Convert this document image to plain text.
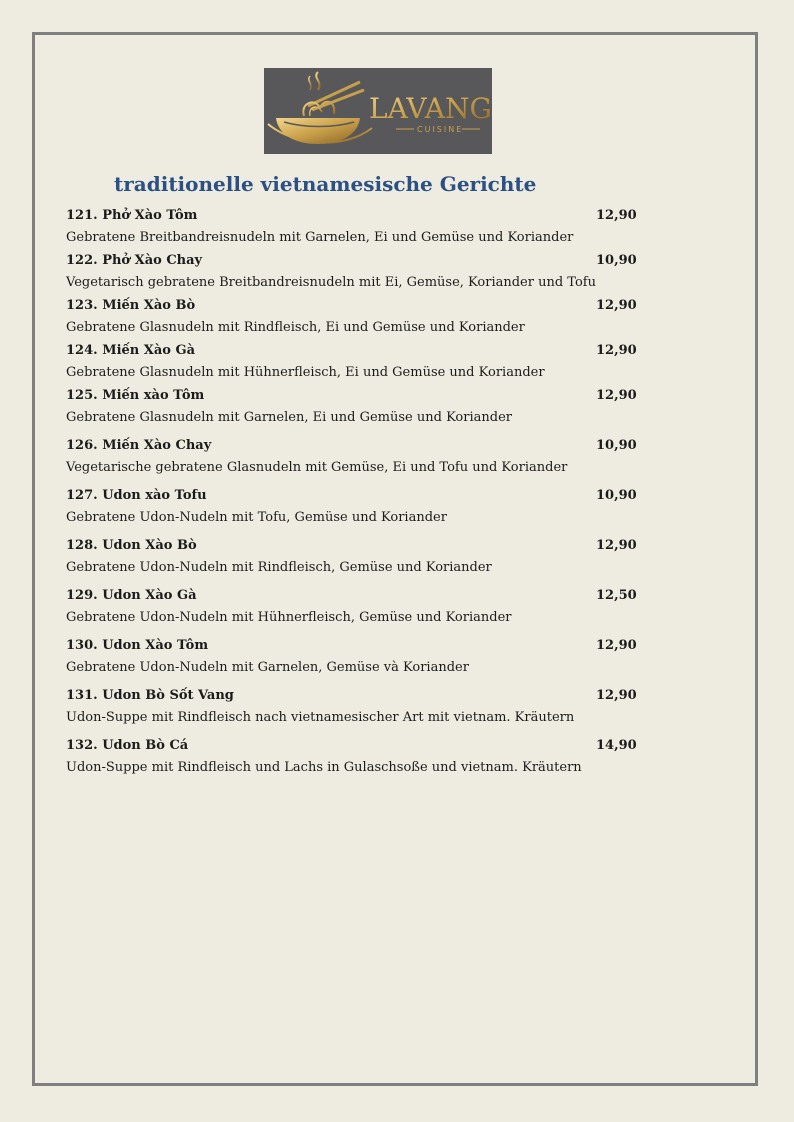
LAVANG
CUISINE
traditionelle vietnamesische Gerichte
121. Phở Xào Tôm	12,90
Gebratene Breitbandreisnudeln mit Garnelen, Ei und Gemüse und Koriander
122. Phở Xào Chay	10,90
Vegetarisch gebratene Breitbandreisnudeln mit Ei, Gemüse, Koriander und Tofu
123. Miến Xào Bò	12,90
Gebratene Glasnudeln mit Rindfleisch, Ei und Gemüse und Koriander
124. Miến Xào Gà	12,90
Gebratene Glasnudeln mit Hühnerfleisch, Ei und Gemüse und Koriander
125. Miến xào Tôm	12,90
Gebratene Glasnudeln mit Garnelen, Ei und Gemüse und Koriander
126. Miến Xào Chay	10,90
Vegetarische gebratene Glasnudeln mit Gemüse, Ei und Tofu und Koriander
127. Udon xào Tofu	10,90
Gebratene Udon-Nudeln mit Tofu, Gemüse und Koriander
128. Udon Xào Bò	12,90
Gebratene Udon-Nudeln mit Rindfleisch, Gemüse und Koriander
129. Udon Xào Gà	12,50
Gebratene Udon-Nudeln mit Hühnerfleisch, Gemüse und Koriander
130. Udon Xào Tôm	12,90
Gebratene Udon-Nudeln mit Garnelen, Gemüse và Koriander
131. Udon Bò Sốt Vang	12,90
Udon-Suppe mit Rindfleisch nach vietnamesischer Art mit vietnam. Kräutern
132. Udon Bò Cá	14,90
Udon-Suppe mit Rindfleisch und Lachs in Gulaschsoße und vietnam. Kräutern
